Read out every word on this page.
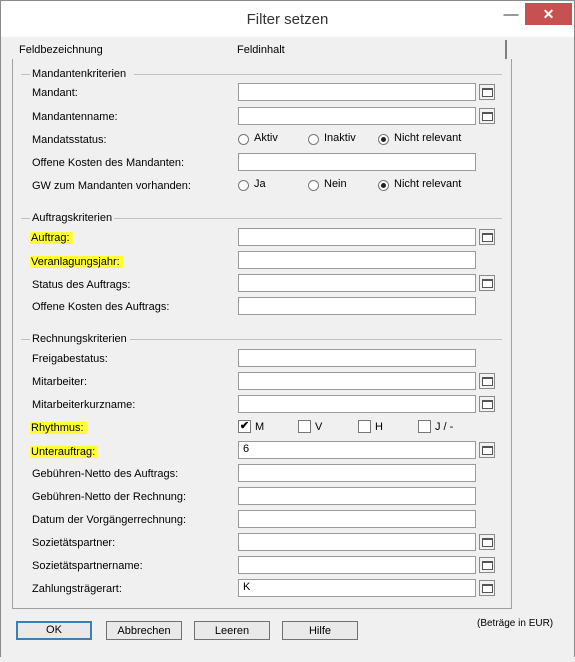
Filter setzen	—	✕
Feldbezeichnung	Feldinhalt
Mandantenkriterien
Mandant:
Mandantenname:
Mandatsstatus:	Aktiv	Inaktiv	Nicht relevant
Offene Kosten des Mandanten:
GW zum Mandanten vorhanden:	Ja	Nein	Nicht relevant
Auftragskriterien
Auftrag:
Veranlagungsjahr:
Status des Auftrags:
Offene Kosten des Auftrags:
Rechnungskriterien
Freigabestatus:
Mitarbeiter:
Mitarbeiterkurzname:
Rhythmus:	✔ M	V	H	J / -
Unterauftrag:	6
Gebühren-Netto des Auftrags:
Gebühren-Netto der Rechnung:
Datum der Vorgängerrechnung:
Sozietätspartner:
Sozietätspartnername:
Zahlungsträgerart:	K
(Beträge in EUR)
OK	Abbrechen	Leeren	Hilfe
